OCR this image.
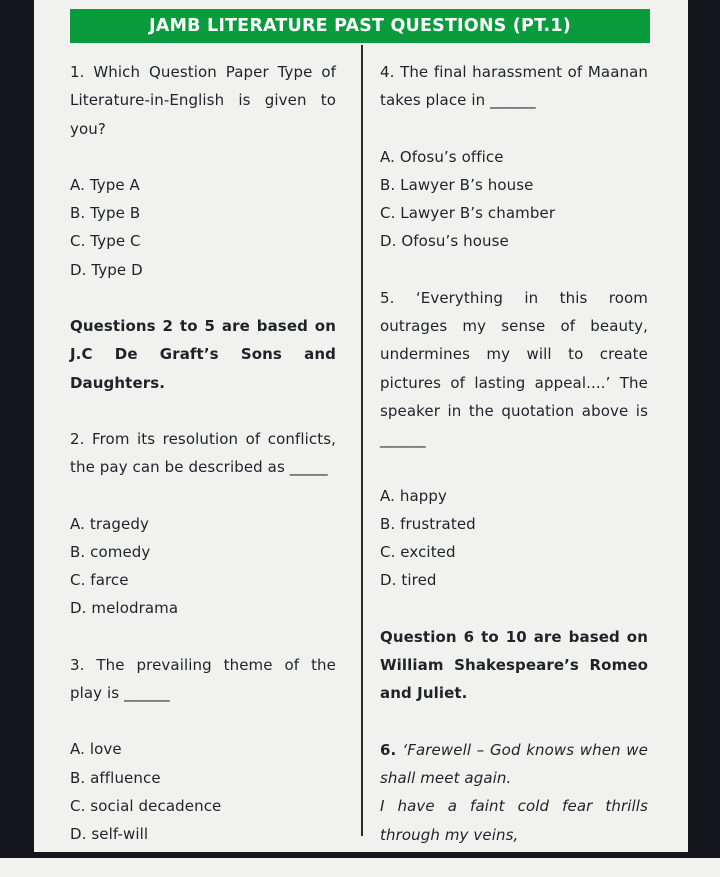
JAMB LITERATURE PAST QUESTIONS (PT.1)

1. Which Question Paper Type of Literature-in-English is given to you?

A. Type A
B. Type B
C. Type C
D. Type D

Questions 2 to 5 are based on J.C De Graft’s Sons and Daughters.

2. From its resolution of conflicts, the pay can be described as _____

A. tragedy
B. comedy
C. farce
D. melodrama

3. The prevailing theme of the play is ______

A. love
B. affluence
C. social decadence
D. self-will

4. The final harassment of Maanan takes place in ______

A. Ofosu’s office
B. Lawyer B’s house
C. Lawyer B’s chamber
D. Ofosu’s house

5. ‘Everything in this room outrages my sense of beauty, undermines my will to create pictures of lasting appeal....’ The speaker in the quotation above is ______

A. happy
B. frustrated
C. excited
D. tired

Question 6 to 10 are based on William Shakespeare’s Romeo and Juliet.

6. ‘Farewell – God knows when we shall meet again.

I have a faint cold fear thrills through my veins,
